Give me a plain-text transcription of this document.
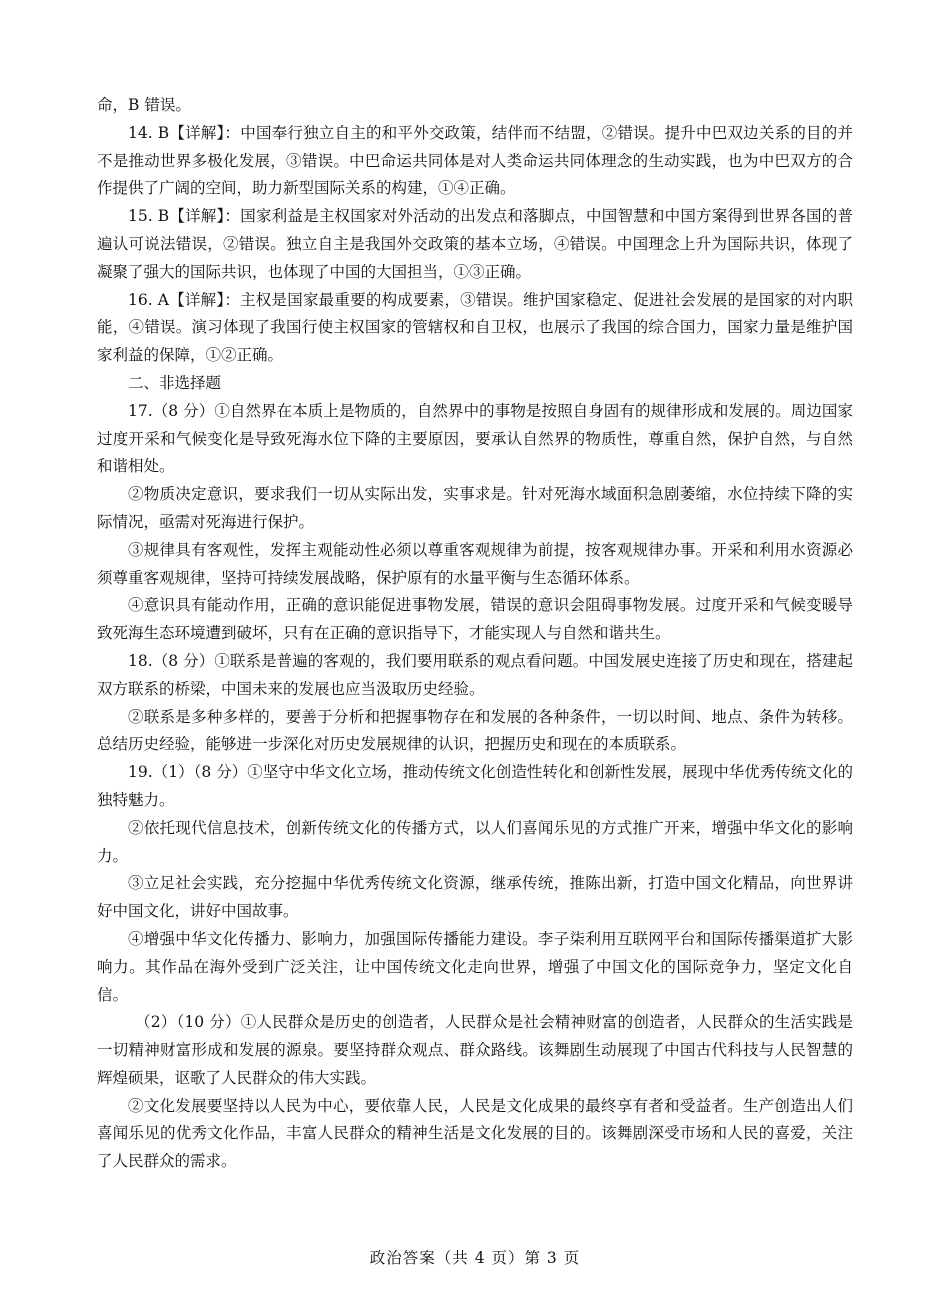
命，B 错误。

14. B【详解】：中国奉行独立自主的和平外交政策，结伴而不结盟，②错误。提升中巴双边关系的目的并不是推动世界多极化发展，③错误。中巴命运共同体是对人类命运共同体理念的生动实践，也为中巴双方的合作提供了广阔的空间，助力新型国际关系的构建，①④正确。

15. B【详解】：国家利益是主权国家对外活动的出发点和落脚点，中国智慧和中国方案得到世界各国的普遍认可说法错误，②错误。独立自主是我国外交政策的基本立场，④错误。中国理念上升为国际共识，体现了凝聚了强大的国际共识，也体现了中国的大国担当，①③正确。

16. A【详解】：主权是国家最重要的构成要素，③错误。维护国家稳定、促进社会发展的是国家的对内职能，④错误。演习体现了我国行使主权国家的管辖权和自卫权，也展示了我国的综合国力，国家力量是维护国家利益的保障，①②正确。

二、非选择题

17.（8 分）①自然界在本质上是物质的，自然界中的事物是按照自身固有的规律形成和发展的。周边国家过度开采和气候变化是导致死海水位下降的主要原因，要承认自然界的物质性，尊重自然，保护自然，与自然和谐相处。

②物质决定意识，要求我们一切从实际出发，实事求是。针对死海水域面积急剧萎缩，水位持续下降的实际情况，亟需对死海进行保护。

③规律具有客观性，发挥主观能动性必须以尊重客观规律为前提，按客观规律办事。开采和利用水资源必须尊重客观规律，坚持可持续发展战略，保护原有的水量平衡与生态循环体系。

④意识具有能动作用，正确的意识能促进事物发展，错误的意识会阻碍事物发展。过度开采和气候变暖导致死海生态环境遭到破坏，只有在正确的意识指导下，才能实现人与自然和谐共生。

18.（8 分）①联系是普遍的客观的，我们要用联系的观点看问题。中国发展史连接了历史和现在，搭建起双方联系的桥梁，中国未来的发展也应当汲取历史经验。

②联系是多种多样的，要善于分析和把握事物存在和发展的各种条件，一切以时间、地点、条件为转移。总结历史经验，能够进一步深化对历史发展规律的认识，把握历史和现在的本质联系。

19.（1）（8 分）①坚守中华文化立场，推动传统文化创造性转化和创新性发展，展现中华优秀传统文化的独特魅力。

②依托现代信息技术，创新传统文化的传播方式，以人们喜闻乐见的方式推广开来，增强中华文化的影响力。

③立足社会实践，充分挖掘中华优秀传统文化资源，继承传统，推陈出新，打造中国文化精品，向世界讲好中国文化，讲好中国故事。

④增强中华文化传播力、影响力，加强国际传播能力建设。李子柒利用互联网平台和国际传播渠道扩大影响力。其作品在海外受到广泛关注，让中国传统文化走向世界，增强了中国文化的国际竞争力，坚定文化自信。

（2）（10 分）①人民群众是历史的创造者，人民群众是社会精神财富的创造者，人民群众的生活实践是一切精神财富形成和发展的源泉。要坚持群众观点、群众路线。该舞剧生动展现了中国古代科技与人民智慧的辉煌硕果，讴歌了人民群众的伟大实践。

②文化发展要坚持以人民为中心，要依靠人民，人民是文化成果的最终享有者和受益者。生产创造出人们喜闻乐见的优秀文化作品，丰富人民群众的精神生活是文化发展的目的。该舞剧深受市场和人民的喜爱，关注了人民群众的需求。

政治答案（共 4 页）第 3 页
